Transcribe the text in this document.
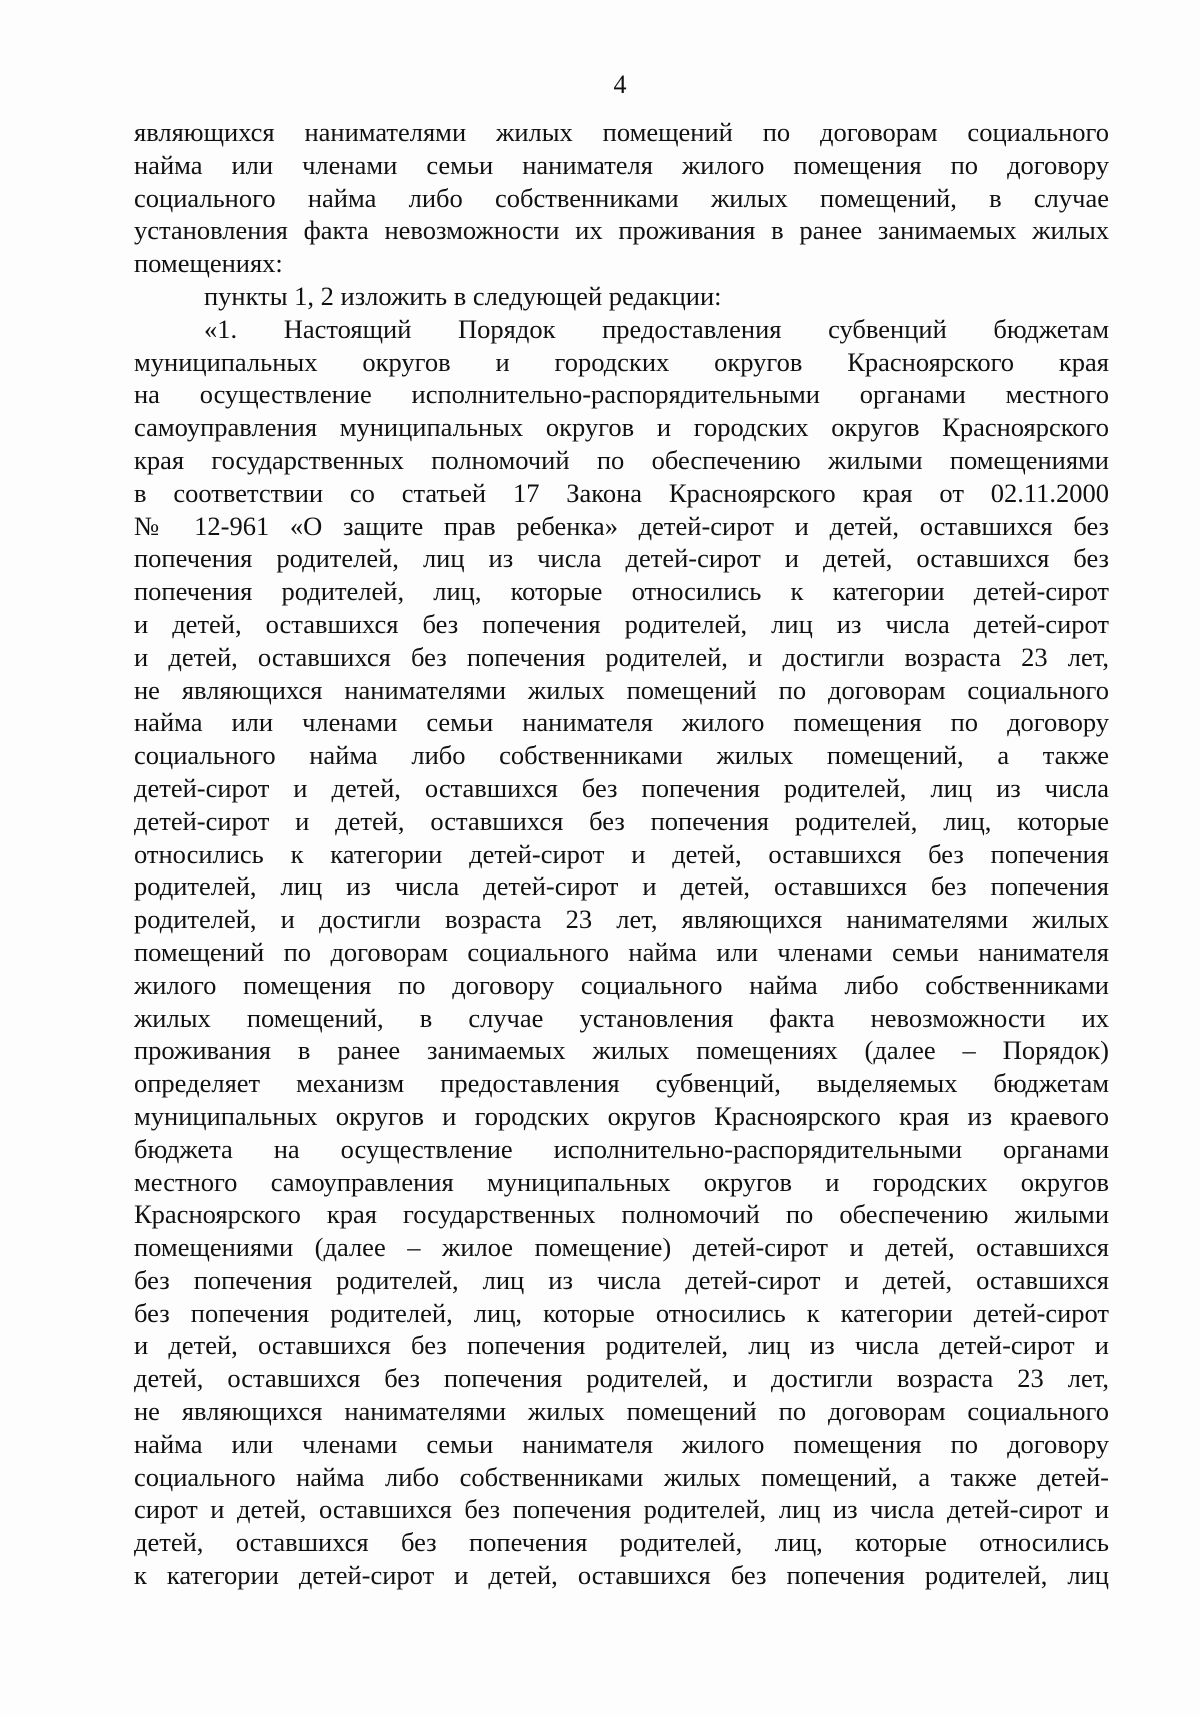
4
являющихся нанимателями жилых помещений по договорам социального
найма или членами семьи нанимателя жилого помещения по договору
социального найма либо собственниками жилых помещений, в случае
установления факта невозможности их проживания в ранее занимаемых жилых
помещениях:
пункты 1, 2 изложить в следующей редакции:
«1. Настоящий Порядок предоставления субвенций бюджетам
муниципальных округов и городских округов Красноярского края
на осуществление исполнительно-распорядительными органами местного
самоуправления муниципальных округов и городских округов Красноярского
края государственных полномочий по обеспечению жилыми помещениями
в соответствии со статьей 17 Закона Красноярского края от 02.11.2000
№ 12-961 «О защите прав ребенка» детей-сирот и детей, оставшихся без
попечения родителей, лиц из числа детей-сирот и детей, оставшихся без
попечения родителей, лиц, которые относились к категории детей-сирот
и детей, оставшихся без попечения родителей, лиц из числа детей-сирот
и детей, оставшихся без попечения родителей, и достигли возраста 23 лет,
не являющихся нанимателями жилых помещений по договорам социального
найма или членами семьи нанимателя жилого помещения по договору
социального найма либо собственниками жилых помещений, а также
детей-сирот и детей, оставшихся без попечения родителей, лиц из числа
детей-сирот и детей, оставшихся без попечения родителей, лиц, которые
относились к категории детей-сирот и детей, оставшихся без попечения
родителей, лиц из числа детей-сирот и детей, оставшихся без попечения
родителей, и достигли возраста 23 лет, являющихся нанимателями жилых
помещений по договорам социального найма или членами семьи нанимателя
жилого помещения по договору социального найма либо собственниками
жилых помещений, в случае установления факта невозможности их
проживания в ранее занимаемых жилых помещениях (далее – Порядок)
определяет механизм предоставления субвенций, выделяемых бюджетам
муниципальных округов и городских округов Красноярского края из краевого
бюджета на осуществление исполнительно-распорядительными органами
местного самоуправления муниципальных округов и городских округов
Красноярского края государственных полномочий по обеспечению жилыми
помещениями (далее – жилое помещение) детей-сирот и детей, оставшихся
без попечения родителей, лиц из числа детей-сирот и детей, оставшихся
без попечения родителей, лиц, которые относились к категории детей-сирот
и детей, оставшихся без попечения родителей, лиц из числа детей-сирот и
детей, оставшихся без попечения родителей, и достигли возраста 23 лет,
не являющихся нанимателями жилых помещений по договорам социального
найма или членами семьи нанимателя жилого помещения по договору
социального найма либо собственниками жилых помещений, а также детей-
сирот и детей, оставшихся без попечения родителей, лиц из числа детей-сирот и
детей, оставшихся без попечения родителей, лиц, которые относились
к категории детей-сирот и детей, оставшихся без попечения родителей, лиц
